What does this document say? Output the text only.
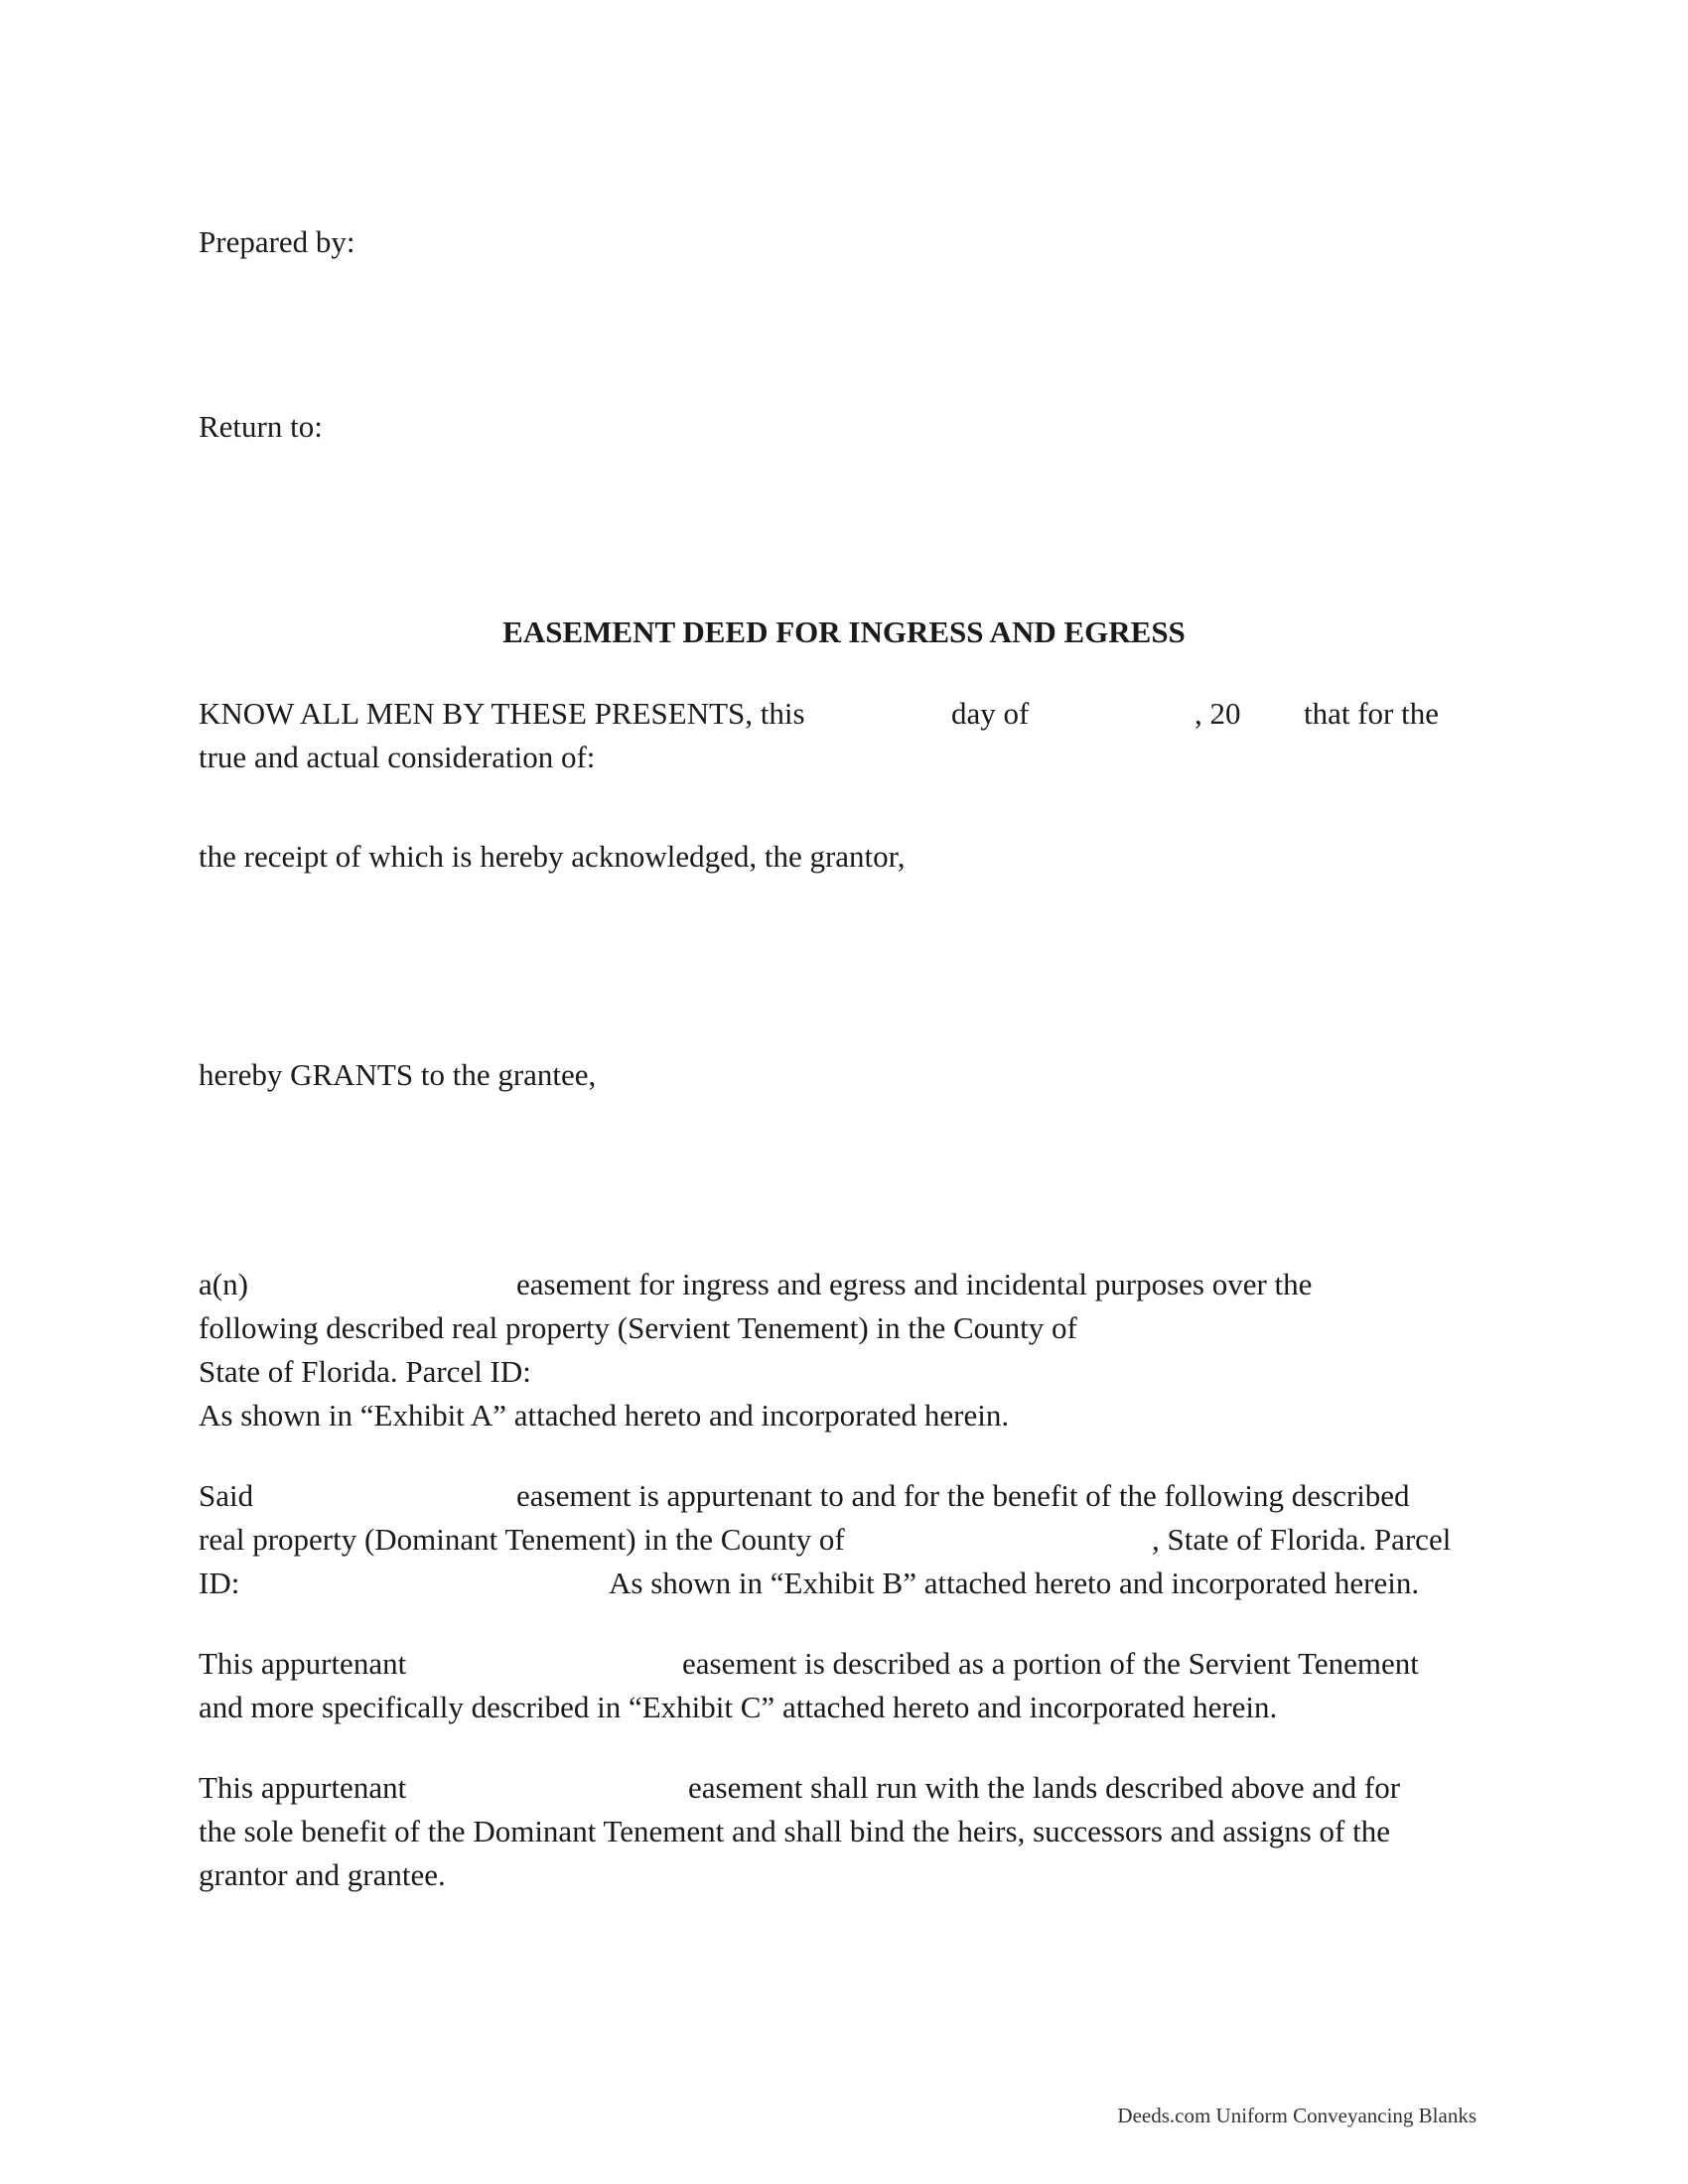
Prepared by:
Return to:
EASEMENT DEED FOR INGRESS AND EGRESS
KNOW ALL MEN BY THESE PRESENTS, this	day of	, 20 that for the
true and actual consideration of:
the receipt of which is hereby acknowledged, the grantor,
hereby GRANTS to the grantee,
a(n)	easement for ingress and egress and incidental purposes over the
following described real property (Servient Tenement) in the County of
State of Florida. Parcel ID:
As shown in “Exhibit A” attached hereto and incorporated herein.
Said	easement is appurtenant to and for the benefit of the following described
real property (Dominant Tenement) in the County of	, State of Florida. Parcel
ID:	As shown in “Exhibit B” attached hereto and incorporated herein.
This appurtenant	easement is described as a portion of the Servient Tenement
and more specifically described in “Exhibit C” attached hereto and incorporated herein.
This appurtenant	easement shall run with the lands described above and for
the sole benefit of the Dominant Tenement and shall bind the heirs, successors and assigns of the
grantor and grantee.
Deeds.com Uniform Conveyancing Blanks
